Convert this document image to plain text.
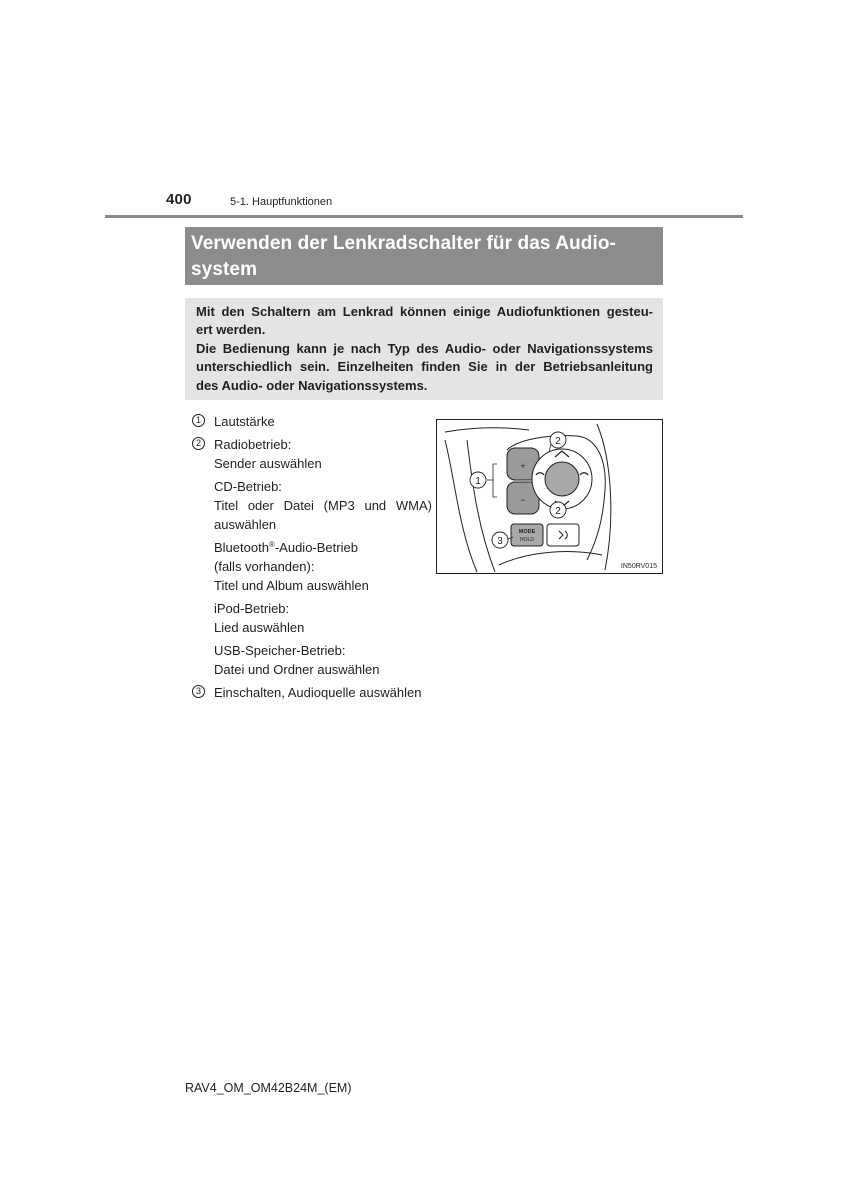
400	5-1. Hauptfunktionen
Verwenden der Lenkradschalter für das Audio-
system

Mit den Schaltern am Lenkrad können einige Audiofunktionen gesteu-

ert werden.

Die Bedienung kann je nach Typ des Audio- oder Navigationssystems

unterschiedlich sein. Einzelheiten finden Sie in der Betriebsanleitung

des Audio- oder Navigationssystems.

1	Lautstärke
2	Radiobetrieb:
Sender auswählen
CD-Betrieb:
Titel oder Datei (MP3 und WMA)
auswählen
Bluetooth®-Audio-Betrieb
(falls vorhanden):
Titel und Album auswählen
iPod-Betrieb:
Lied auswählen
USB-Speicher-Betrieb:
Datei und Ordner auswählen
3	Einschalten, Audioquelle auswählen
+
−
MODE
HOLD
1
2
2
3
IN50RV015
RAV4_OM_OM42B24M_(EM)
